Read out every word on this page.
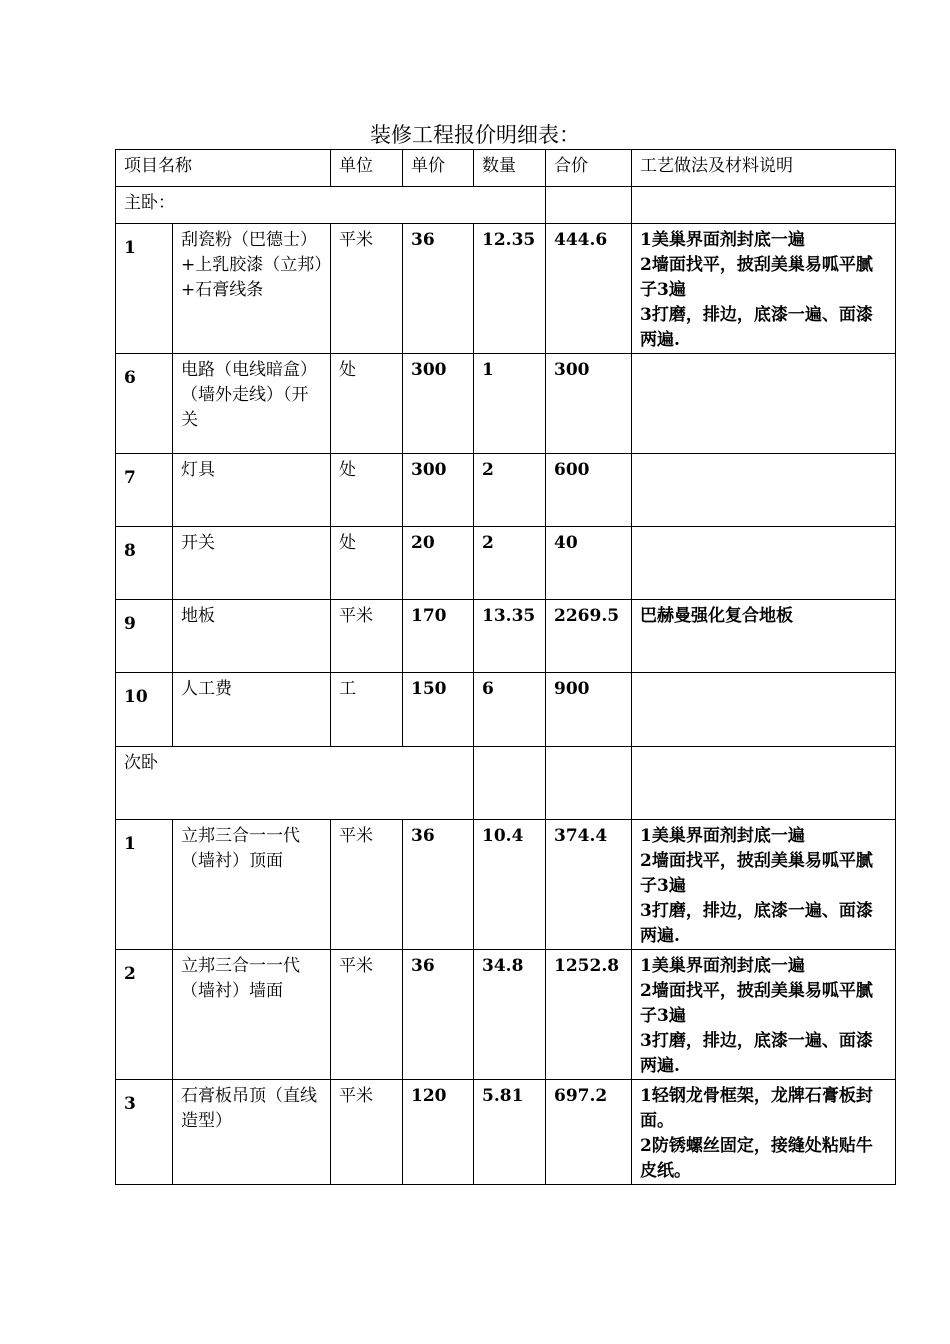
装修工程报价明细表：
项目名称		单位	单价	数量	合价	工艺做法及材料说明
主卧：						
1	刮瓷粉（巴德士）+上乳胶漆（立邦）+石膏线条	平米	36	12.35	444.6	1美巢界面剂封底一遍
2墙面找平，披刮美巢易呱平腻子3遍
3打磨，排边，底漆一遍、面漆两遍.

6	电路（电线暗盒）（墙外走线）（开关	处	300	1	300	
7	灯具	处	300	2	600	
8	开关	处	20	2	40	
9	地板	平米	170	13.35	2269.5	巴赫曼强化复合地板

10	人工费	工	150	6	900	
次卧						
1	立邦三合一一代（墙衬）顶面	平米	36	10.4	374.4	1美巢界面剂封底一遍
2墙面找平，披刮美巢易呱平腻子3遍
3打磨，排边，底漆一遍、面漆两遍.

2	立邦三合一一代（墙衬）墙面	平米	36	34.8	1252.8	1美巢界面剂封底一遍
2墙面找平，披刮美巢易呱平腻子3遍
3打磨，排边，底漆一遍、面漆两遍.

3	石膏板吊顶（直线造型）	平米	120	5.81	697.2	1轻钢龙骨框架，龙牌石膏板封面。
2防锈螺丝固定，接缝处粘贴牛皮纸。
